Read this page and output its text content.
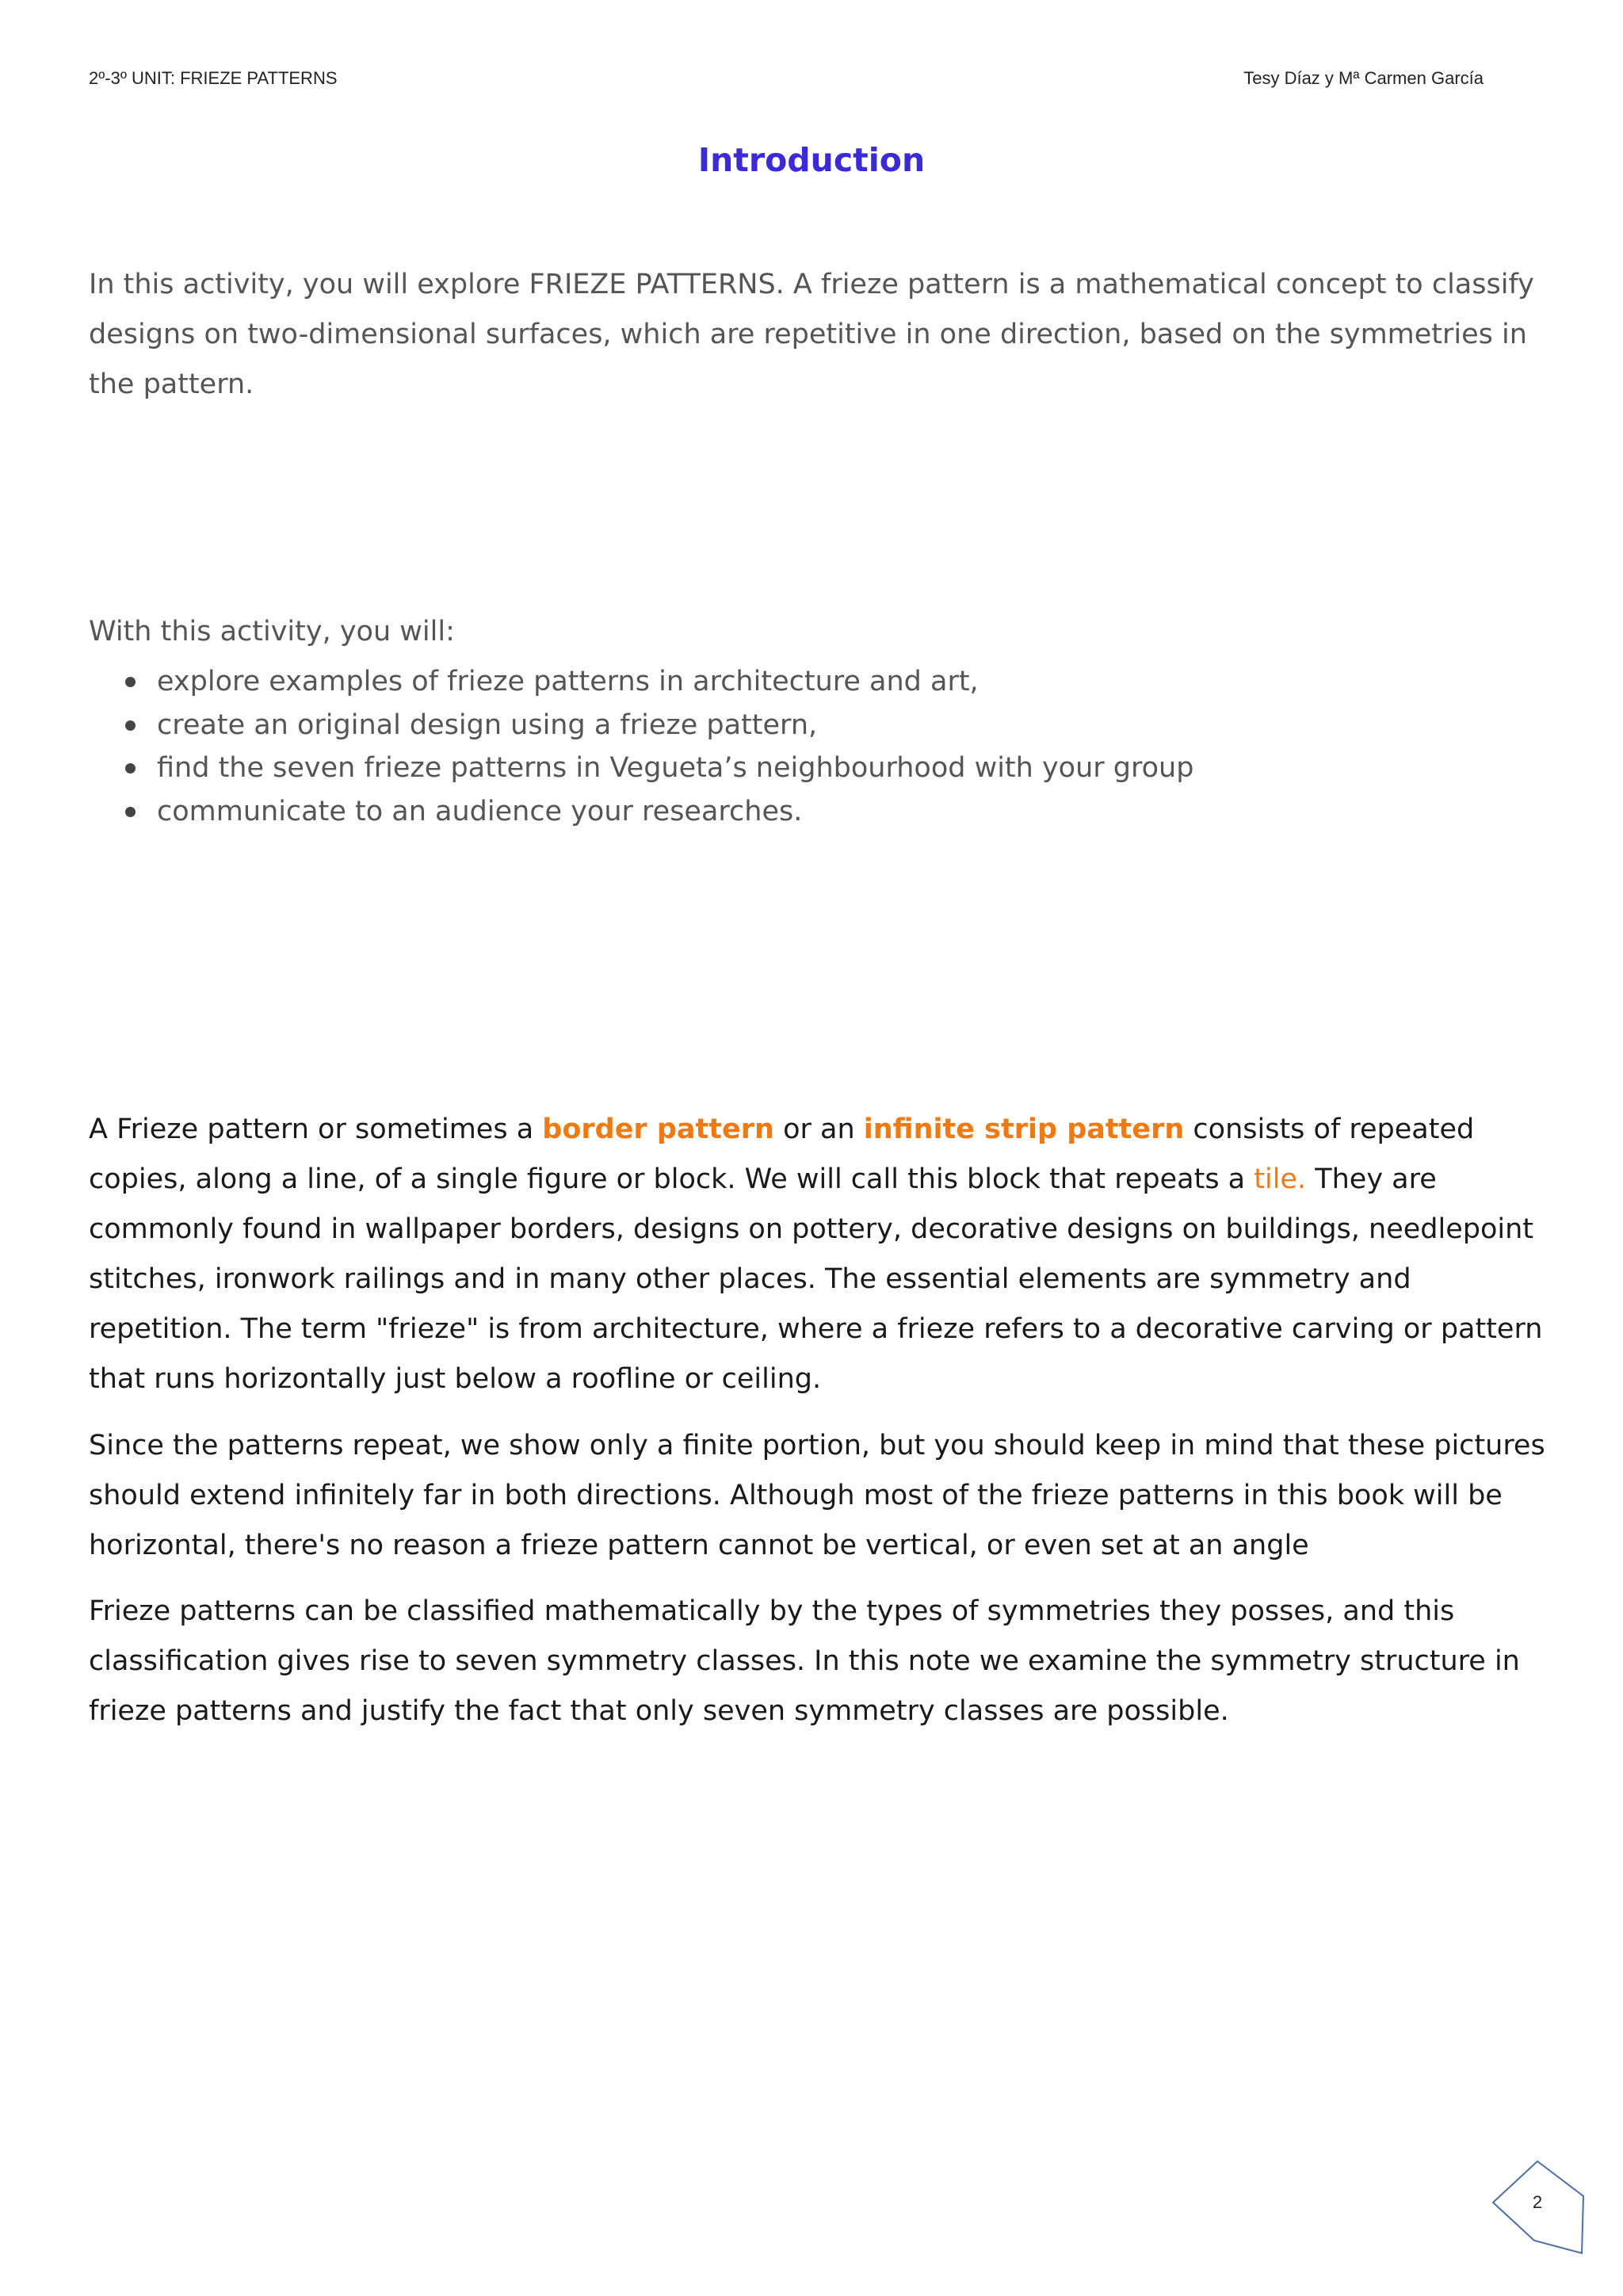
2º-3º UNIT: FRIEZE PATTERNS	Tesy Díaz y Mª Carmen García
Introduction

In this activity, you will explore FRIEZE PATTERNS. A frieze pattern is a mathematical concept to classify designs on two-dimensional surfaces, which are repetitive in one direction, based on the symmetries in the pattern.

With this activity, you will:

explore examples of frieze patterns in architecture and art,
create an original design using a frieze pattern,
find the seven frieze patterns in Vegueta’s neighbourhood with your group
communicate to an audience your researches.

A Frieze pattern or sometimes a border pattern or an infinite strip pattern consists of repeated copies, along a line, of a single figure or block. We will call this block that repeats a tile. They are commonly found in wallpaper borders, designs on pottery, decorative designs on buildings, needlepoint stitches, ironwork railings and in many other places. The essential elements are symmetry and repetition. The term "frieze" is from architecture, where a frieze refers to a decorative carving or pattern that runs horizontally just below a roofline or ceiling.

Since the patterns repeat, we show only a finite portion, but you should keep in mind that these pictures should extend infinitely far in both directions. Although most of the frieze patterns in this book will be horizontal, there's no reason a frieze pattern cannot be vertical, or even set at an angle

Frieze patterns can be classified mathematically by the types of symmetries they posses, and this classification gives rise to seven symmetry classes. In this note we examine the symmetry structure in frieze patterns and justify the fact that only seven symmetry classes are possible.

2
